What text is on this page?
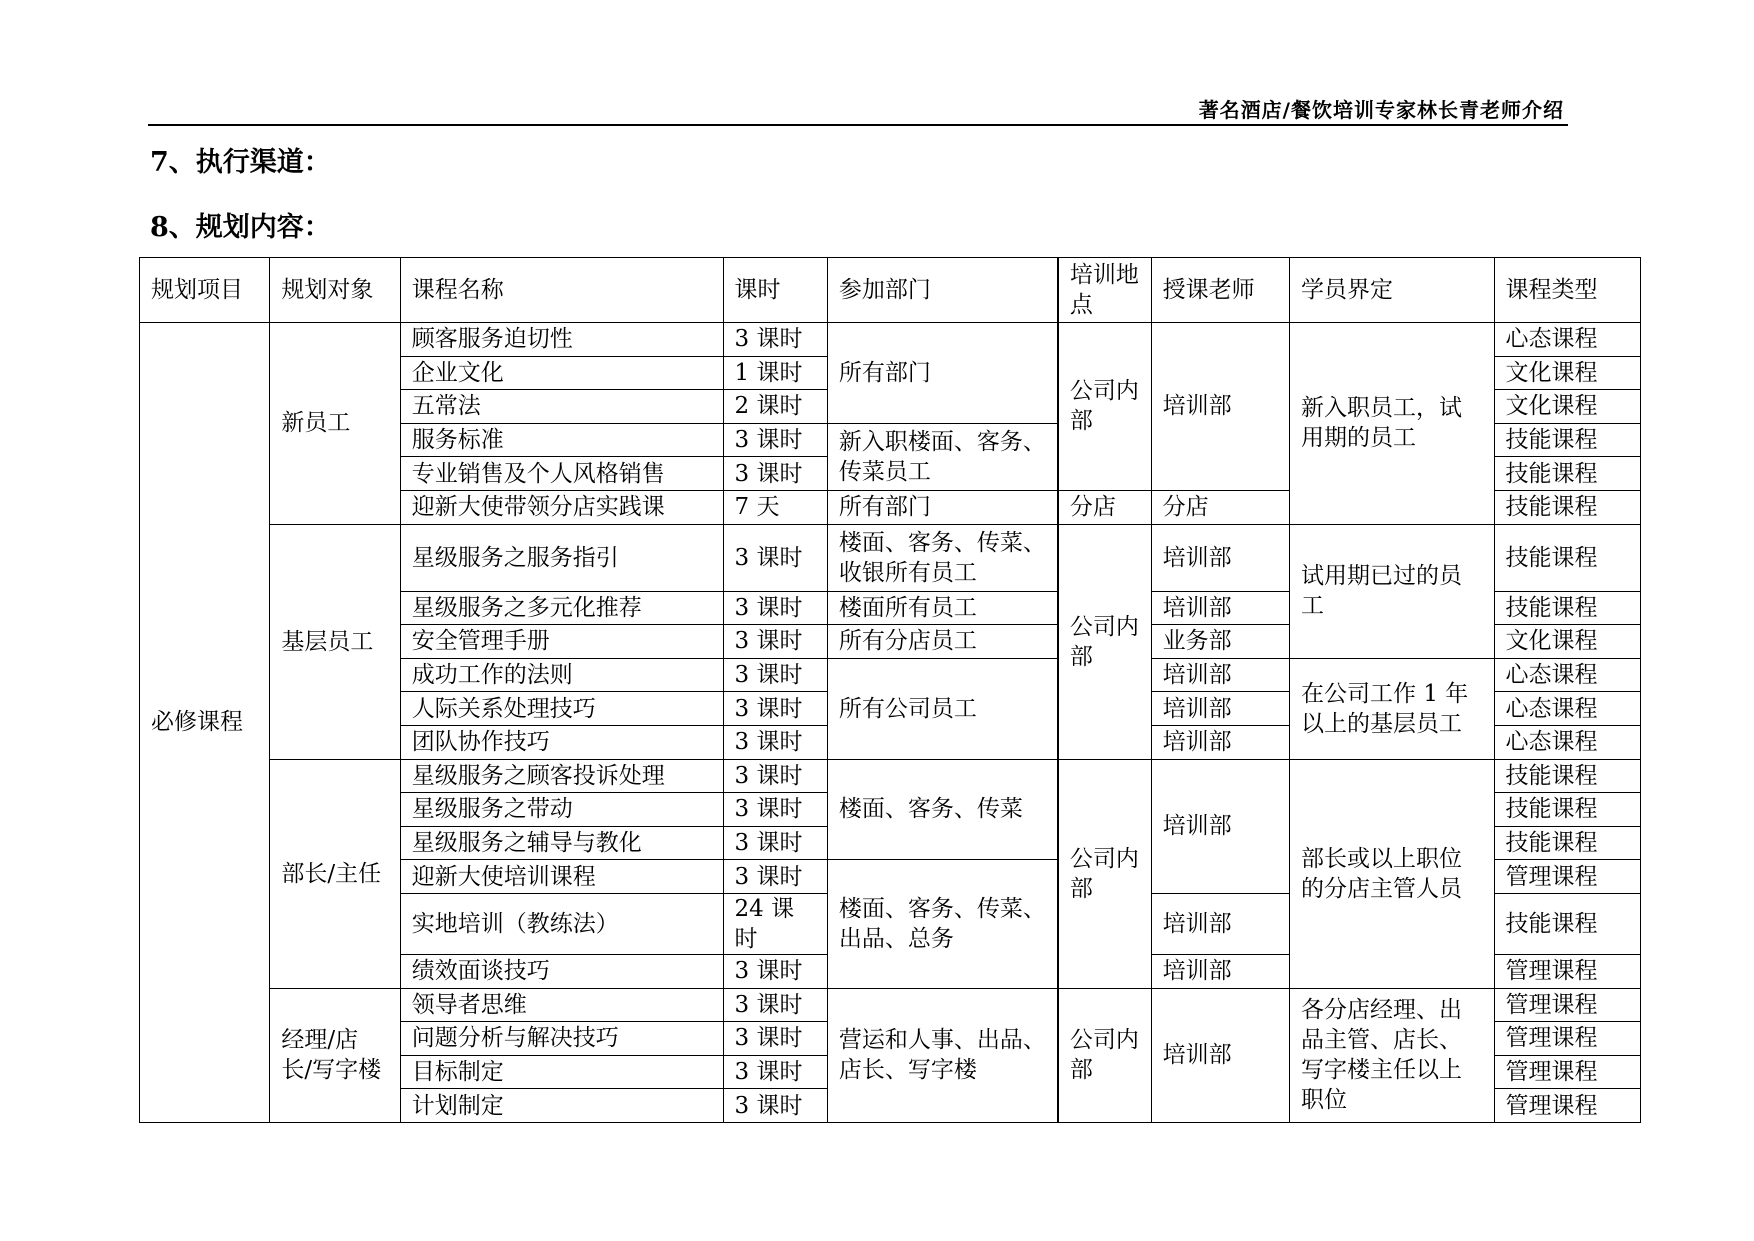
著名酒店/餐饮培训专家林长青老师介绍
7、执行渠道：
8、规划内容：
规划项目	规划对象	课程名称	课时	参加部门	培训地点	授课老师	学员界定	课程类型
必修课程	新员工	顾客服务迫切性	3 课时	所有部门	公司内部	培训部	新入职员工，试用期的员工	心态课程
		企业文化	1 课时					文化课程
		五常法	2 课时					文化课程
		服务标准	3 课时	新入职楼面、客务、传菜员工				技能课程
		专业销售及个人风格销售	3 课时					技能课程
		迎新大使带领分店实践课	7 天	所有部门	分店	分店		技能课程
	基层员工	星级服务之服务指引	3 课时	楼面、客务、传菜、收银所有员工	公司内部	培训部	试用期已过的员工	技能课程
		星级服务之多元化推荐	3 课时	楼面所有员工		培训部		技能课程
		安全管理手册	3 课时	所有分店员工		业务部		文化课程
		成功工作的法则	3 课时	所有公司员工		培训部	在公司工作 1 年以上的基层员工	心态课程
		人际关系处理技巧	3 课时			培训部		心态课程
		团队协作技巧	3 课时			培训部		心态课程
	部长/主任	星级服务之顾客投诉处理	3 课时	楼面、客务、传菜	公司内部	培训部	部长或以上职位的分店主管人员	技能课程
		星级服务之带动	3 课时					技能课程
		星级服务之辅导与教化	3 课时					技能课程
		迎新大使培训课程	3 课时	楼面、客务、传菜、出品、总务				管理课程
		实地培训（教练法）	24 课时			培训部		技能课程
		绩效面谈技巧	3 课时			培训部		管理课程
	经理/店长/写字楼	领导者思维	3 课时	营运和人事、出品、店长、写字楼	公司内部	培训部	各分店经理、出品主管、店长、写字楼主任以上职位	管理课程
		问题分析与解决技巧	3 课时					管理课程
		目标制定	3 课时					管理课程
		计划制定	3 课时					管理课程
